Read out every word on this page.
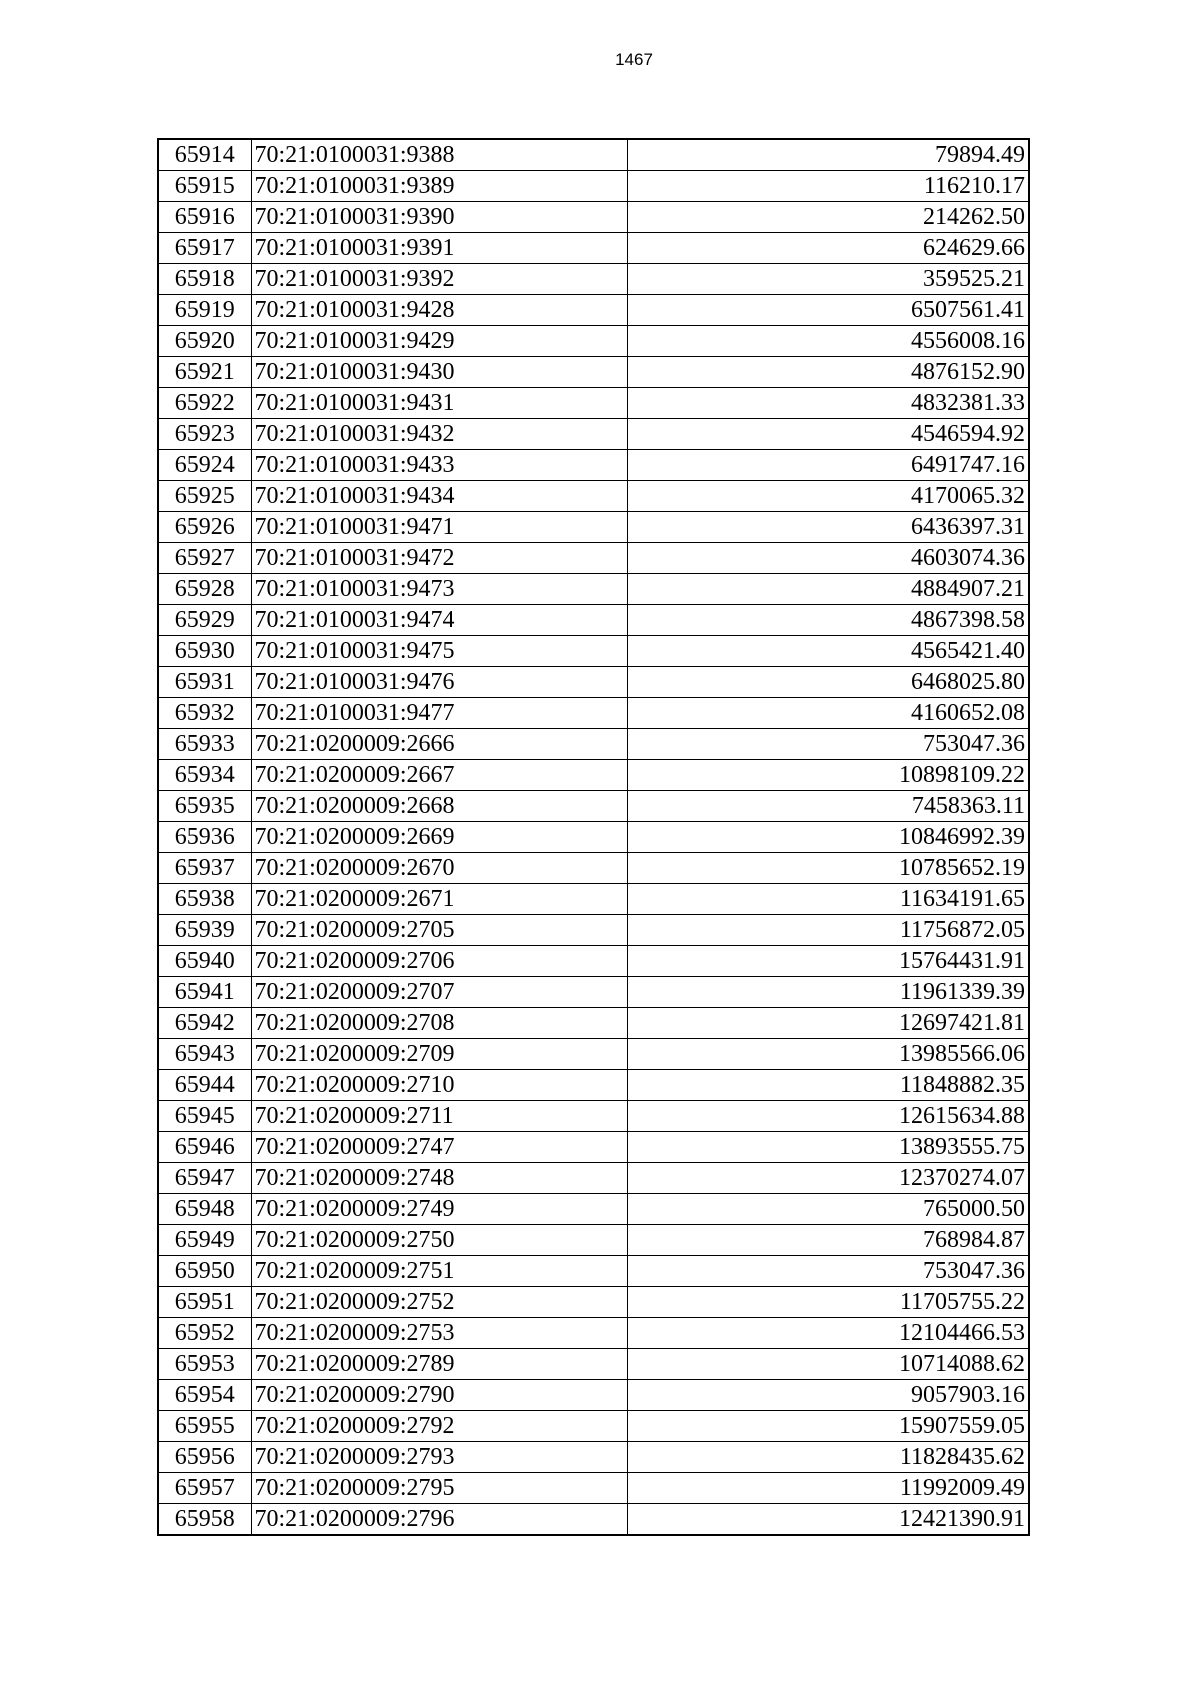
1467
65914	70:21:0100031:9388	79894.49
65915	70:21:0100031:9389	116210.17
65916	70:21:0100031:9390	214262.50
65917	70:21:0100031:9391	624629.66
65918	70:21:0100031:9392	359525.21
65919	70:21:0100031:9428	6507561.41
65920	70:21:0100031:9429	4556008.16
65921	70:21:0100031:9430	4876152.90
65922	70:21:0100031:9431	4832381.33
65923	70:21:0100031:9432	4546594.92
65924	70:21:0100031:9433	6491747.16
65925	70:21:0100031:9434	4170065.32
65926	70:21:0100031:9471	6436397.31
65927	70:21:0100031:9472	4603074.36
65928	70:21:0100031:9473	4884907.21
65929	70:21:0100031:9474	4867398.58
65930	70:21:0100031:9475	4565421.40
65931	70:21:0100031:9476	6468025.80
65932	70:21:0100031:9477	4160652.08
65933	70:21:0200009:2666	753047.36
65934	70:21:0200009:2667	10898109.22
65935	70:21:0200009:2668	7458363.11
65936	70:21:0200009:2669	10846992.39
65937	70:21:0200009:2670	10785652.19
65938	70:21:0200009:2671	11634191.65
65939	70:21:0200009:2705	11756872.05
65940	70:21:0200009:2706	15764431.91
65941	70:21:0200009:2707	11961339.39
65942	70:21:0200009:2708	12697421.81
65943	70:21:0200009:2709	13985566.06
65944	70:21:0200009:2710	11848882.35
65945	70:21:0200009:2711	12615634.88
65946	70:21:0200009:2747	13893555.75
65947	70:21:0200009:2748	12370274.07
65948	70:21:0200009:2749	765000.50
65949	70:21:0200009:2750	768984.87
65950	70:21:0200009:2751	753047.36
65951	70:21:0200009:2752	11705755.22
65952	70:21:0200009:2753	12104466.53
65953	70:21:0200009:2789	10714088.62
65954	70:21:0200009:2790	9057903.16
65955	70:21:0200009:2792	15907559.05
65956	70:21:0200009:2793	11828435.62
65957	70:21:0200009:2795	11992009.49
65958	70:21:0200009:2796	12421390.91
